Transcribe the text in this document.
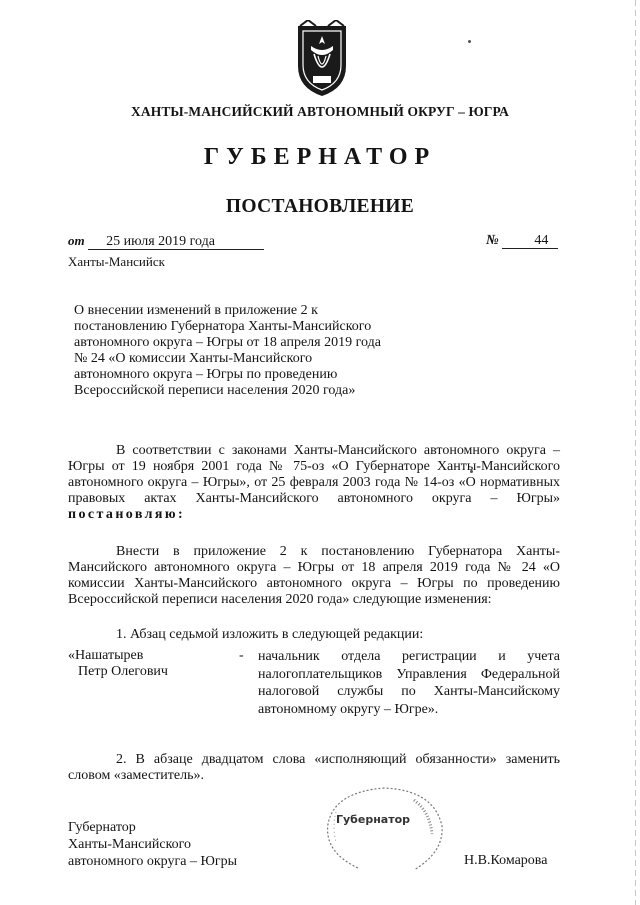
ХАНТЫ-МАНСИЙСКИЙ АВТОНОМНЫЙ ОКРУГ – ЮГРА
ГУБЕРНАТОР
ПОСТАНОВЛЕНИЕ
от 25 июля 2019 года	№	44
Ханты-Мансийск
О внесении изменений в приложение 2 к
постановлению Губернатора Ханты-Мансийского
автономного округа – Югры от 18 апреля 2019 года
№ 24 «О комиссии Ханты-Мансийского
автономного округа – Югры по проведению
Всероссийской переписи населения 2020 года»
В соответствии с законами Ханты-Мансийского автономного округа – Югры от 19 ноября 2001 года № 75-оз «О Губернаторе Ханты-Мансийского автономного округа – Югры», от 25 февраля 2003 года № 14-оз «О нормативных правовых актах Ханты-Мансийского автономного округа – Югры» постановляю:
Внести в приложение 2 к постановлению Губернатора Ханты-Мансийского автономного округа – Югры от 18 апреля 2019 года № 24 «О комиссии Ханты-Мансийского автономного округа – Югры по проведению Всероссийской переписи населения 2020 года» следующие изменения:
1. Абзац седьмой изложить в следующей редакции:
«Нашатырев
Петр Олегович
- начальник отдела регистрации и учета налогоплательщиков Управления Федеральной налоговой службы по Ханты-Мансийскому автономному округу – Югре».
2. В абзаце двадцатом слова «исполняющий обязанности» заменить словом «заместитель».
Губернатор
Ханты-Мансийского
автономного округа – Югры
Губернатор
Н.В.Комарова
